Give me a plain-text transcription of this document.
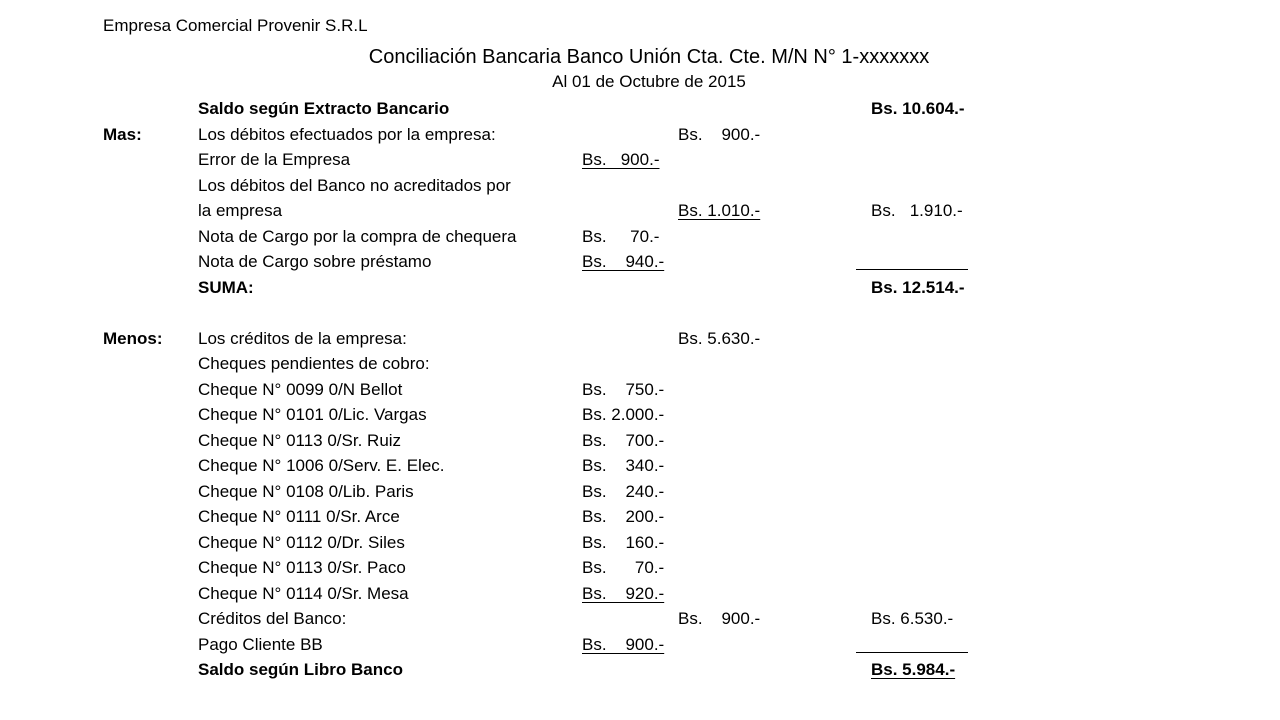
Empresa Comercial Provenir S.R.L
Conciliación Bancaria Banco Unión Cta. Cte. M/N N° 1-xxxxxxx
Al 01 de Octubre de 2015
Saldo según Extracto Bancario	Bs. 10.604.-
Mas:	Los débitos efectuados por la empresa:	Bs.    900.-
Error de la Empresa	Bs.   900.-
Los débitos del Banco no acreditados por
la empresa	Bs. 1.010.-	Bs.   1.910.-
Nota de Cargo por la compra de chequera	Bs.     70.-
Nota de Cargo sobre préstamo	Bs.    940.-
SUMA:	Bs. 12.514.-
Menos: Los créditos de la empresa:	Bs. 5.630.-
Cheques pendientes de cobro:
Cheque N° 0099 0/N Bellot	Bs.    750.-
Cheque N° 0101 0/Lic. Vargas	Bs. 2.000.-
Cheque N° 0113 0/Sr. Ruiz	Bs.    700.-
Cheque N° 1006 0/Serv. E. Elec.	Bs.    340.-
Cheque N° 0108 0/Lib. Paris	Bs.    240.-
Cheque N° 0111 0/Sr. Arce	Bs.    200.-
Cheque N° 0112 0/Dr. Siles	Bs.    160.-
Cheque N° 0113 0/Sr. Paco	Bs.      70.-
Cheque N° 0114 0/Sr. Mesa	Bs.    920.-
Créditos del Banco:	Bs.    900.-	Bs. 6.530.-
Pago Cliente BB	Bs.    900.-
Saldo según Libro Banco	Bs. 5.984.-
